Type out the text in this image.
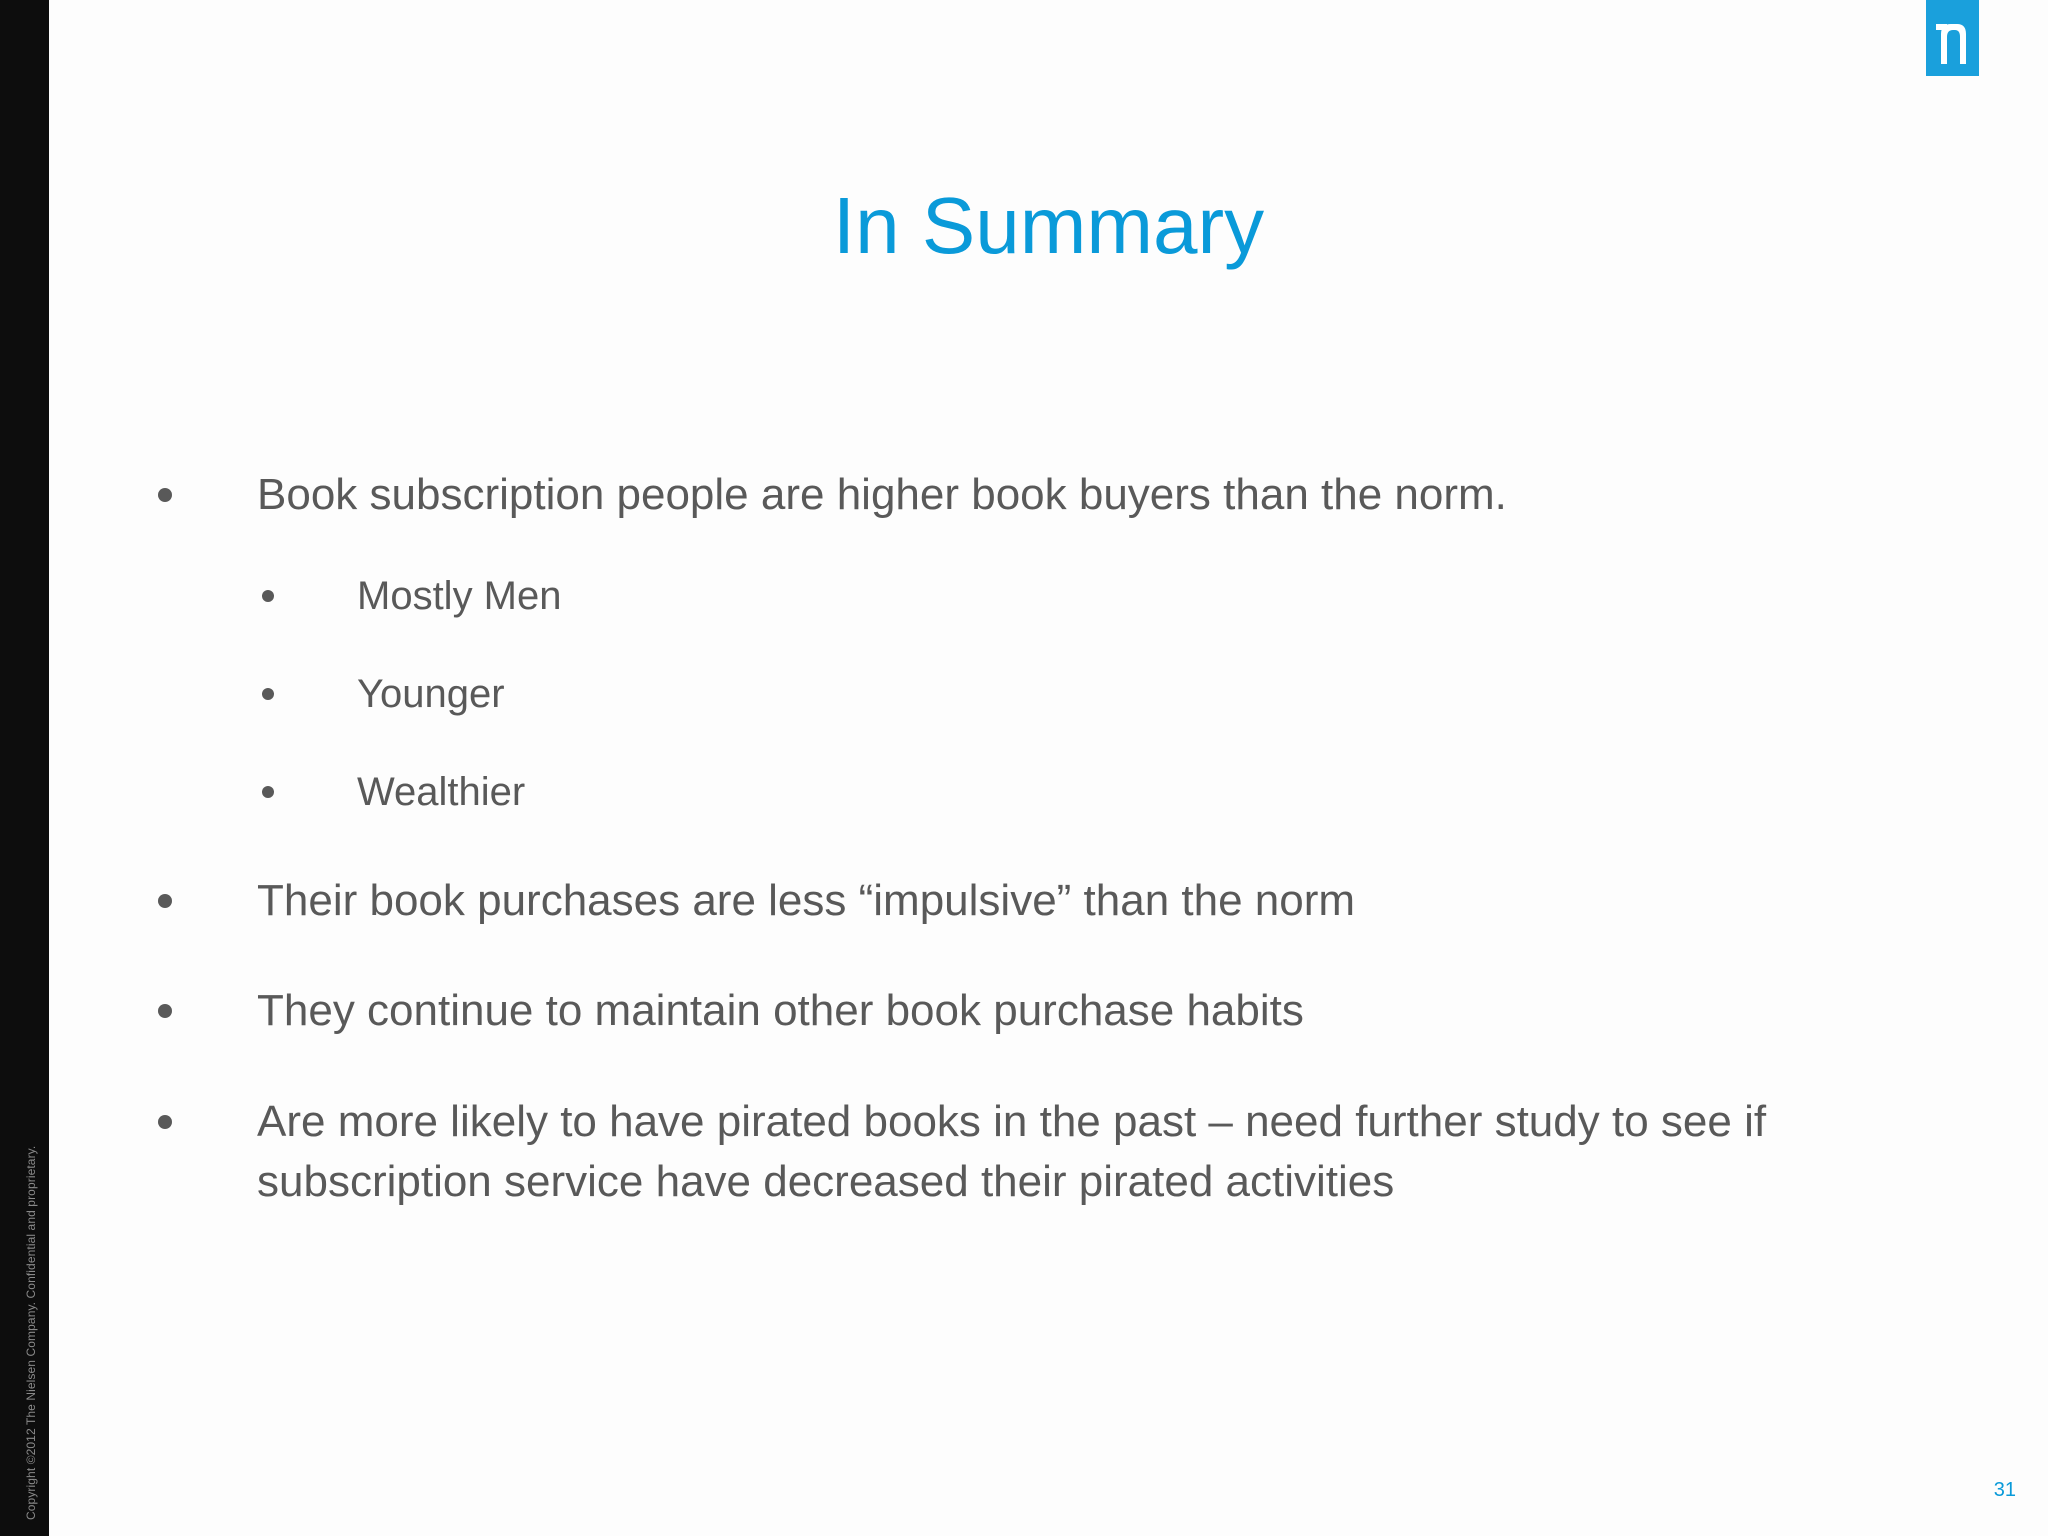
Copyright ©2012 The Nielsen Company. Confidential and proprietary.
In Summary
Book subscription people are higher book buyers than the norm.
Mostly Men
Younger
Wealthier
Their book purchases are less “impulsive” than the norm
They continue to maintain other book purchase habits
Are more likely to have pirated books in the past – need further study to see if subscription service have decreased their pirated activities
31
